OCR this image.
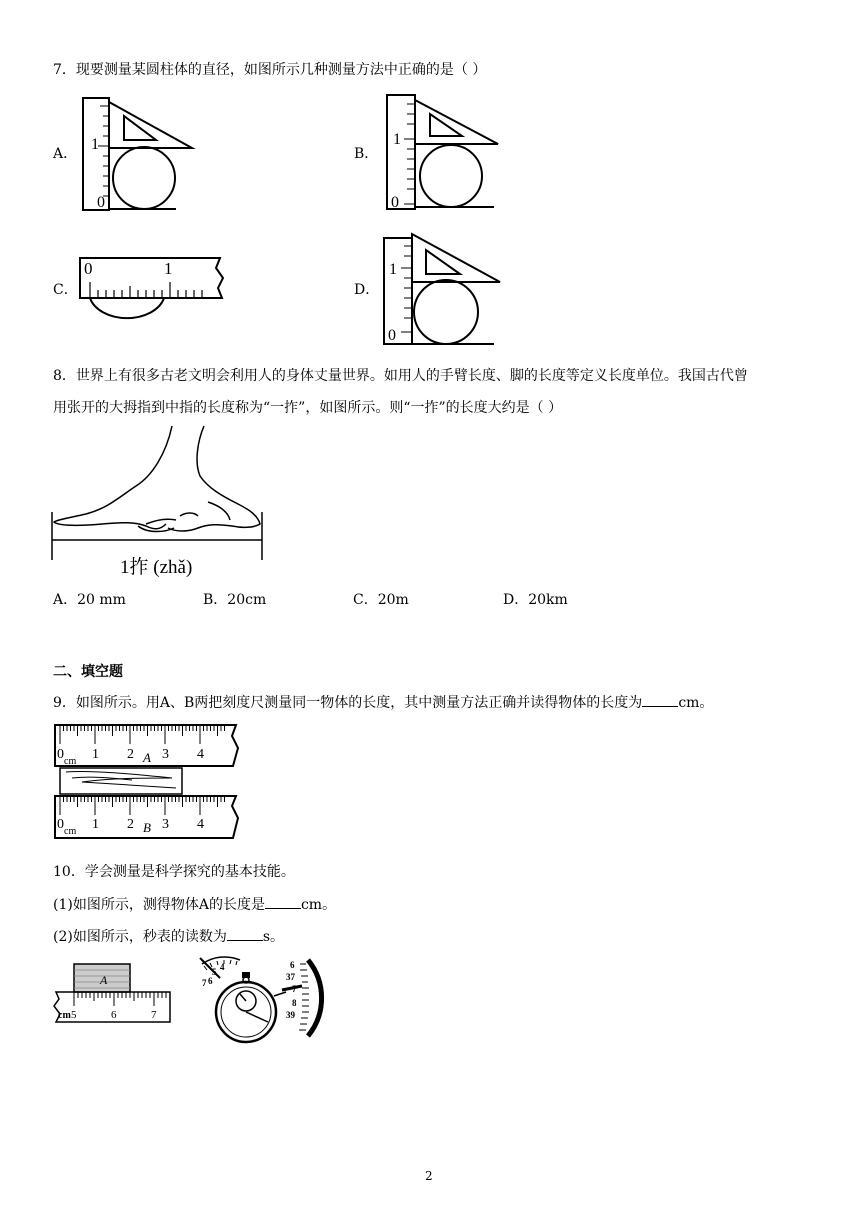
7．现要测量某圆柱体的直径，如图所示几种测量方法中正确的是（ ）
A．
1
0
B．
1
0
C．
0	1
D．
1
0
8．世界上有很多古老文明会利用人的身体丈量世界。如用人的手臂长度、脚的长度等定义长度单位。我国古代曾
用张开的大拇指到中指的长度称为“一拃”，如图所示。则“一拃”的长度大约是（ ）
1拃 (zhǎ)
A．20 mm	B．20cm	C．20m	D．20km
二、填空题
9．如图所示。用A、B两把刻度尺测量同一物体的长度，其中测量方法正确并读得物体的长度为	cm。
0 cm 1 2 A 3 4
0 cm 1 2 B 3 4
10．学会测量是科学探究的基本技能。
(1)如图所示，测得物体A的长度是	cm。
(2)如图所示，秒表的读数为	s。
A
cm 5	6	7
4
5
6
7
6
37
7
8
39
2
